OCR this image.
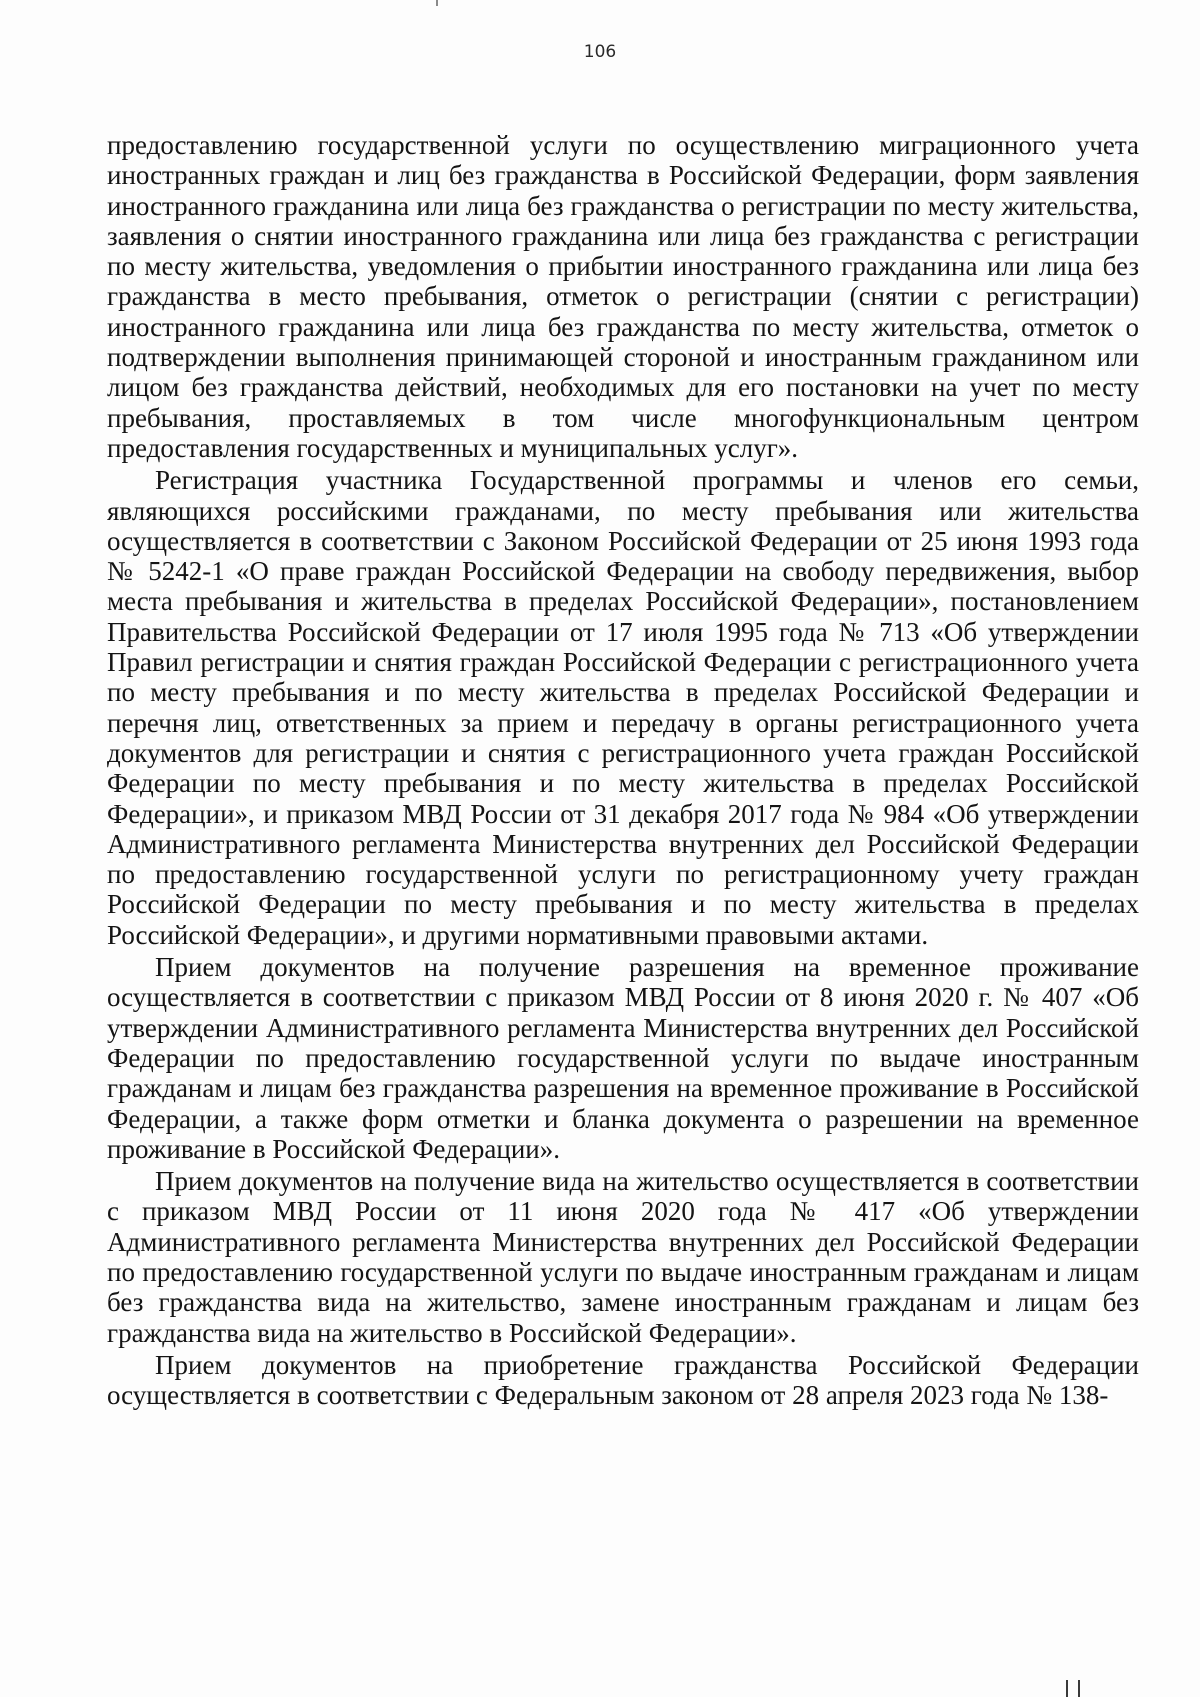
106

предоставлению государственной услуги по осуществлению миграционного учета иностранных граждан и лиц без гражданства в Российской Федерации, форм заявления иностранного гражданина или лица без гражданства о регистрации по месту жительства, заявления о снятии иностранного гражданина или лица без гражданства с регистрации по месту жительства, уведомления о прибытии иностранного гражданина или лица без гражданства в место пребывания, отметок о регистрации (снятии с регистрации) иностранного гражданина или лица без гражданства по месту жительства, отметок о подтверждении выполнения принимающей стороной и иностранным гражданином или лицом без гражданства действий, необходимых для его постановки на учет по месту пребывания, проставляемых в том числе многофункциональным центром предоставления государственных и муниципальных услуг».

Регистрация участника Государственной программы и членов его семьи, являющихся российскими гражданами, по месту пребывания или жительства осуществляется в соответствии с Законом Российской Федерации от 25 июня 1993 года № 5242-1 «О праве граждан Российской Федерации на свободу передвижения, выбор места пребывания и жительства в пределах Российской Федерации», постановлением Правительства Российской Федерации от 17 июля 1995 года № 713 «Об утверждении Правил регистрации и снятия граждан Российской Федерации с регистрационного учета по месту пребывания и по месту жительства в пределах Российской Федерации и перечня лиц, ответственных за прием и передачу в органы регистрационного учета документов для регистрации и снятия с регистрационного учета граждан Российской Федерации по месту пребывания и по месту жительства в пределах Российской Федерации», и приказом МВД России от 31 декабря 2017 года № 984 «Об утверждении Административного регламента Министерства внутренних дел Российской Федерации по предоставлению государственной услуги по регистрационному учету граждан Российской Федерации по месту пребывания и по месту жительства в пределах Российской Федерации», и другими нормативными правовыми актами.

Прием документов на получение разрешения на временное проживание осуществляется в соответствии с приказом МВД России от 8 июня 2020 г. № 407 «Об утверждении Административного регламента Министерства внутренних дел Российской Федерации по предоставлению государственной услуги по выдаче иностранным гражданам и лицам без гражданства разрешения на временное проживание в Российской Федерации, а также форм отметки и бланка документа о разрешении на временное проживание в Российской Федерации».

Прием документов на получение вида на жительство осуществляется в соответствии с приказом МВД России от 11 июня 2020 года № 417 «Об утверждении Административного регламента Министерства внутренних дел Российской Федерации по предоставлению государственной услуги по выдаче иностранным гражданам и лицам без гражданства вида на жительство, замене иностранным гражданам и лицам без гражданства вида на жительство в Российской Федерации».

Прием документов на приобретение гражданства Российской Федерации осуществляется в соответствии с Федеральным законом от 28 апреля 2023 года № 138-
